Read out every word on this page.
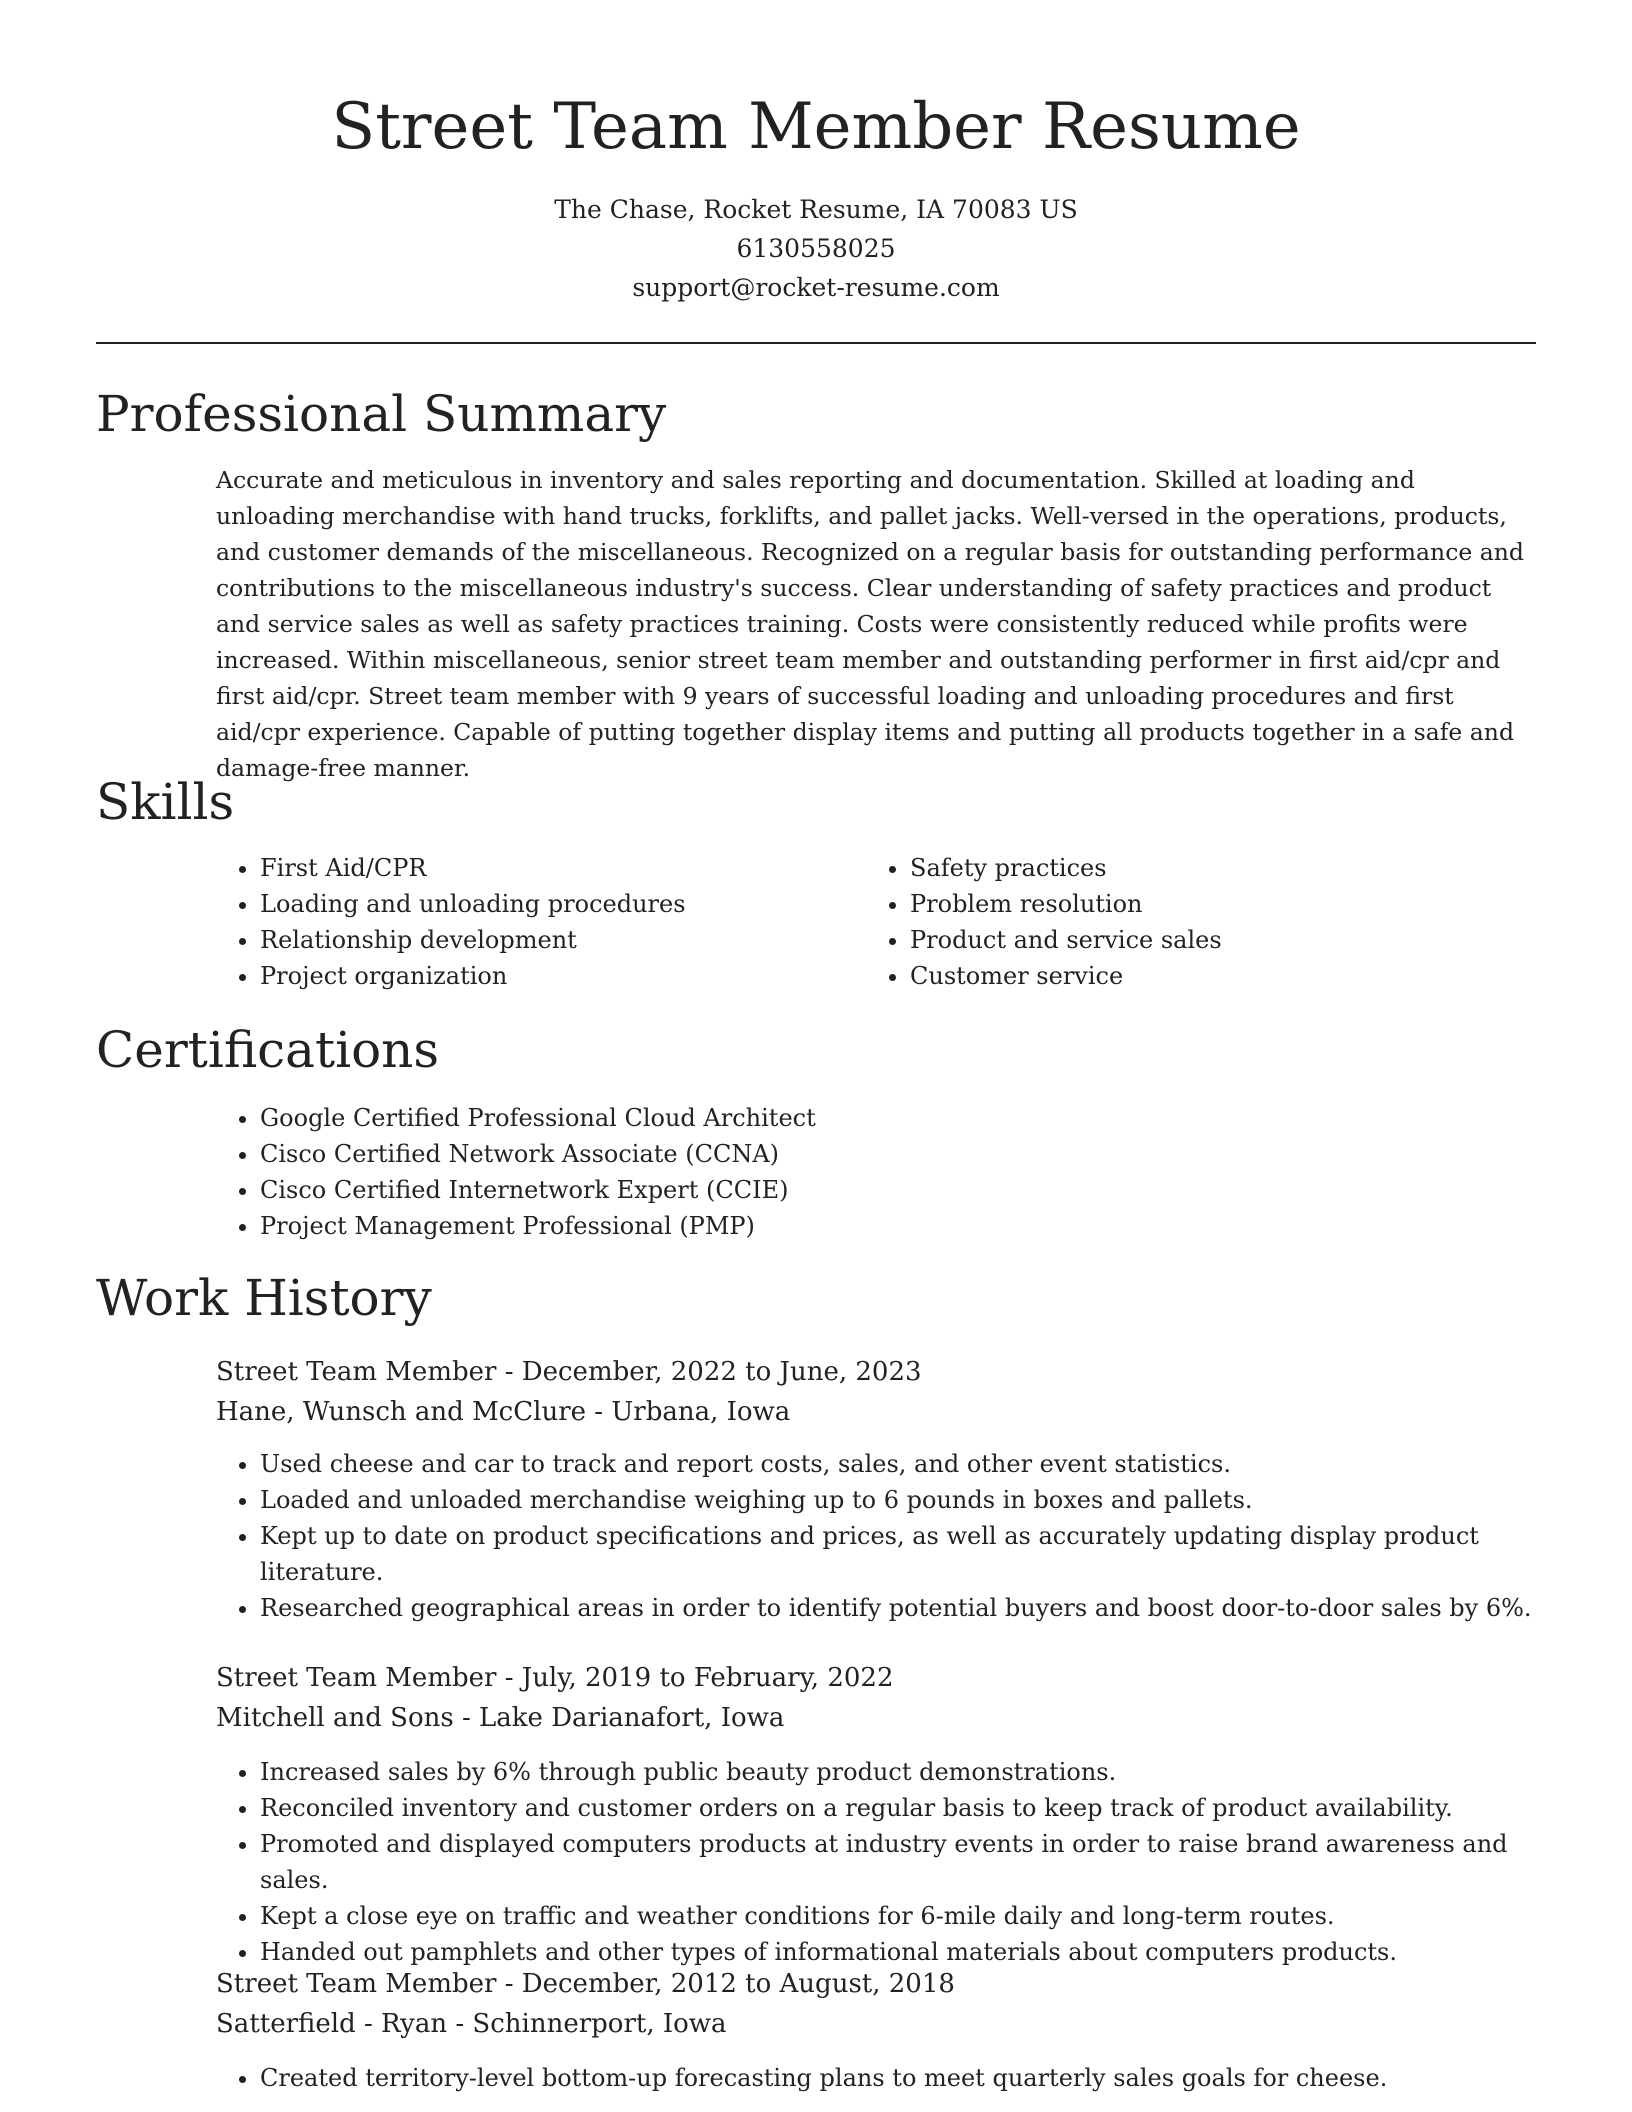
Street Team Member Resume
The Chase, Rocket Resume, IA 70083 US
6130558025
support@rocket-resume.com
Professional Summary

Accurate and meticulous in inventory and sales reporting and documentation. Skilled at loading and unloading merchandise with hand trucks, forklifts, and pallet jacks. Well-versed in the operations, products, and customer demands of the miscellaneous. Recognized on a regular basis for outstanding performance and contributions to the miscellaneous industry's success. Clear understanding of safety practices and product and service sales as well as safety practices training. Costs were consistently reduced while profits were increased. Within miscellaneous, senior street team member and outstanding performer in first aid/cpr and first aid/cpr. Street team member with 9 years of successful loading and unloading procedures and first aid/cpr experience. Capable of putting together display items and putting all products together in a safe and damage-free manner.

Skills
• First Aid/CPR
• Loading and unloading procedures
• Relationship development
• Project organization
• Safety practices
• Problem resolution
• Product and service sales
• Customer service
Certifications
• Google Certified Professional Cloud Architect
• Cisco Certified Network Associate (CCNA)
• Cisco Certified Internetwork Expert (CCIE)
• Project Management Professional (PMP)
Work History
Street Team Member - December, 2022 to June, 2023
Hane, Wunsch and McClure - Urbana, Iowa
• Used cheese and car to track and report costs, sales, and other event statistics.
• Loaded and unloaded merchandise weighing up to 6 pounds in boxes and pallets.
• Kept up to date on product specifications and prices, as well as accurately updating display product literature.
• Researched geographical areas in order to identify potential buyers and boost door-to-door sales by 6%.
Street Team Member - July, 2019 to February, 2022
Mitchell and Sons - Lake Darianafort, Iowa
• Increased sales by 6% through public beauty product demonstrations.
• Reconciled inventory and customer orders on a regular basis to keep track of product availability.
• Promoted and displayed computers products at industry events in order to raise brand awareness and sales.
• Kept a close eye on traffic and weather conditions for 6-mile daily and long-term routes.
• Handed out pamphlets and other types of informational materials about computers products.
Street Team Member - December, 2012 to August, 2018
Satterfield - Ryan - Schinnerport, Iowa
• Created territory-level bottom-up forecasting plans to meet quarterly sales goals for cheese.
